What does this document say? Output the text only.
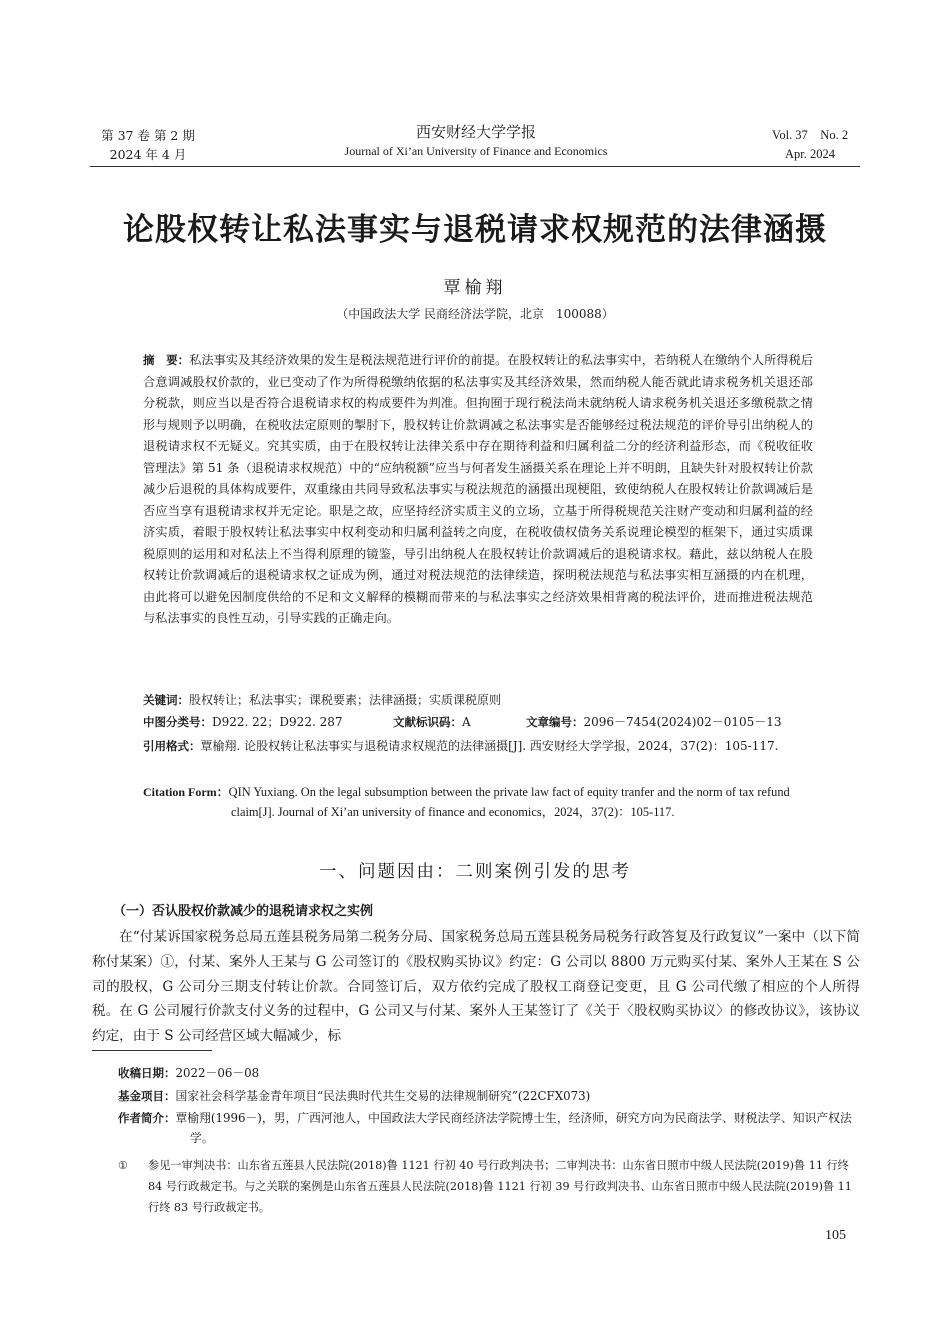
第 37 卷 第 2 期
2024 年 4 月
西安财经大学学报
Journal of Xi’an University of Finance and Economics
Vol. 37　No. 2
Apr. 2024
论股权转让私法事实与退税请求权规范的法律涵摄
覃榆翔
（中国政法大学 民商经济法学院，北京　100088）
摘　要：私法事实及其经济效果的发生是税法规范进行评价的前提。在股权转让的私法事实中，若纳税人在缴纳个人所得税后合意调减股权价款的，业已变动了作为所得税缴纳依据的私法事实及其经济效果，然而纳税人能否就此请求税务机关退还部分税款，则应当以是否符合退税请求权的构成要件为判准。但拘囿于现行税法尚未就纳税人请求税务机关退还多缴税款之情形与规则予以明确，在税收法定原则的掣肘下，股权转让价款调减之私法事实是否能够经过税法规范的评价导引出纳税人的退税请求权不无疑义。究其实质，由于在股权转让法律关系中存在期待利益和归属利益二分的经济利益形态，而《税收征收管理法》第 51 条（退税请求权规范）中的“应纳税额”应当与何者发生涵摄关系在理论上并不明朗，且缺失针对股权转让价款减少后退税的具体构成要件，双重缘由共同导致私法事实与税法规范的涵摄出现梗阻，致使纳税人在股权转让价款调减后是否应当享有退税请求权并无定论。职是之故，应坚持经济实质主义的立场，立基于所得税规范关注财产变动和归属利益的经济实质，着眼于股权转让私法事实中权利变动和归属利益转之向度，在税收债权债务关系说理论模型的框架下，通过实质课税原则的运用和对私法上不当得利原理的镜鉴，导引出纳税人在股权转让价款调减后的退税请求权。藉此，兹以纳税人在股权转让价款调减后的退税请求权之证成为例，通过对税法规范的法律续造，探明税法规范与私法事实相互涵摄的内在机理，由此将可以避免因制度供给的不足和文义解释的模糊而带来的与私法事实之经济效果相背离的税法评价，进而推进税法规范与私法事实的良性互动，引导实践的正确走向。
关键词：股权转让；私法事实；课税要素；法律涵摄；实质课税原则
中图分类号：D922. 22；D922. 287	文献标识码：A	文章编号：2096－7454(2024)02－0105－13
引用格式：覃榆翔. 论股权转让私法事实与退税请求权规范的法律涵摄[J]. 西安财经大学学报，2024，37(2)：105-117.
Citation Form：QIN Yuxiang. On the legal subsumption between the private law fact of equity tranfer and the norm of tax refund claim[J]. Journal of Xi’an university of finance and economics，2024，37(2)：105-117.
一、问题因由：二则案例引发的思考
（一）否认股权价款减少的退税请求权之实例
在“付某诉国家税务总局五莲县税务局第二税务分局、国家税务总局五莲县税务局税务行政答复及行政复议”一案中（以下简称付某案）①，付某、案外人王某与 G 公司签订的《股权购买协议》约定：G 公司以 8800 万元购买付某、案外人王某在 S 公司的股权，G 公司分三期支付转让价款。合同签订后，双方依约完成了股权工商登记变更，且 G 公司代缴了相应的个人所得税。在 G 公司履行价款支付义务的过程中，G 公司又与付某、案外人王某签订了《关于〈股权购买协议〉的修改协议》，该协议约定，由于 S 公司经营区域大幅减少，标
收稿日期：2022－06－08
基金项目：国家社会科学基金青年项目“民法典时代共生交易的法律规制研究”(22CFX073)
作者简介：覃榆翔(1996－)，男，广西河池人，中国政法大学民商经济法学院博士生，经济师，研究方向为民商法学、财税法学、知识产权法学。
①	参见一审判决书：山东省五莲县人民法院(2018)鲁 1121 行初 40 号行政判决书；二审判决书：山东省日照市中级人民法院(2019)鲁 11 行终 84 号行政裁定书。与之关联的案例是山东省五莲县人民法院(2018)鲁 1121 行初 39 号行政判决书、山东省日照市中级人民法院(2019)鲁 11 行终 83 号行政裁定书。
105
